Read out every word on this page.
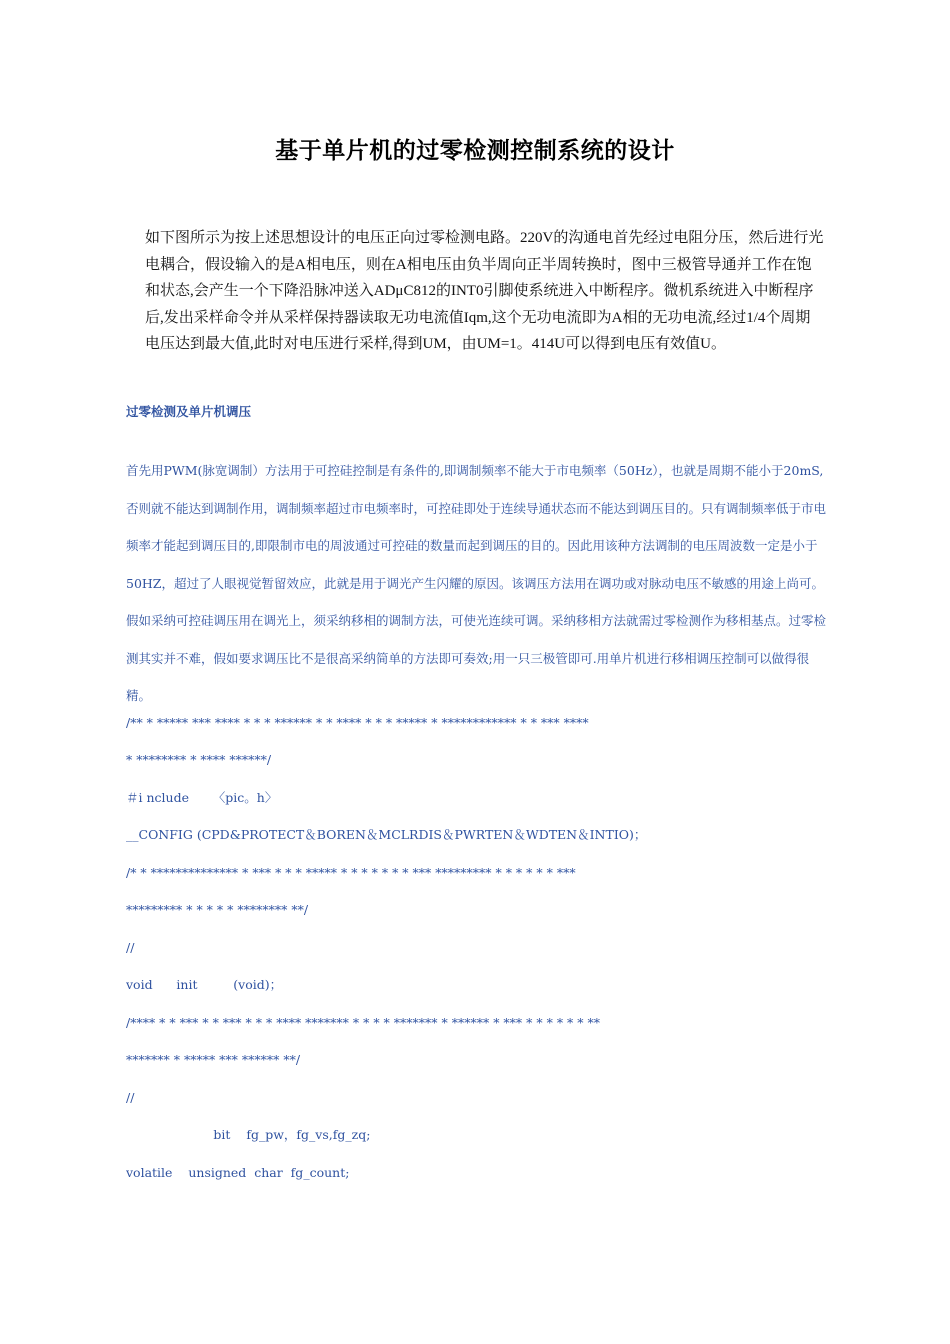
基于单片机的过零检测控制系统的设计

如下图所示为按上述思想设计的电压正向过零检测电路。220V的沟通电首先经过电阻分压，然后进行光电耦合，假设输入的是A相电压，则在A相电压由负半周向正半周转换时，图中三极管导通并工作在饱和状态,会产生一个下降沿脉冲送入ADμC812的INT0引脚使系统进入中断程序。微机系统进入中断程序后,发出采样命令并从采样保持器读取无功电流值Iqm,这个无功电流即为A相的无功电流,经过1/4个周期电压达到最大值,此时对电压进行采样,得到UM，由UM=1。414U可以得到电压有效值U。

过零检测及单片机调压

首先用PWM(脉宽调制）方法用于可控硅控制是有条件的,即调制频率不能大于市电频率（50Hz），也就是周期不能小于20mS,否则就不能达到调制作用，调制频率超过市电频率时，可控硅即处于连续导通状态而不能达到调压目的。只有调制频率低于市电频率才能起到调压目的,即限制市电的周波通过可控硅的数量而起到调压的目的。因此用该种方法调制的电压周波数一定是小于50HZ，超过了人眼视觉暂留效应，此就是用于调光产生闪耀的原因。该调压方法用在调功或对脉动电压不敏感的用途上尚可。假如采纳可控硅调压用在调光上，须采纳移相的调制方法，可使光连续可调。采纳移相方法就需过零检测作为移相基点。过零检测其实并不难，假如要求调压比不是很高采纳简单的方法即可奏效;用一只三极管即可.用单片机进行移相调压控制可以做得很精。

/** * ***** *** **** * * * ****** * * **** * * * ***** * ************ * * *** ****
* ******** * **** ******/
＃i nclude      〈pic。h〉
__CONFIG (CPD&PROTECT＆BOREN＆MCLRDIS＆PWRTEN＆WDTEN＆INTIO)；
/* * ************** * *** * * * ***** * * * * * * * *** ********* * * * * * * ***
********* * * * * * ******** **/
//
void      init         (void)；
/**** * * *** * * *** * * * **** ******* * * * * ******* * ****** * *** * * * * * * **
******* * ***** *** ****** **/
//
bit    fg_pw，fg_vs,fg_zq;
volatile    unsigned  char  fg_count;
